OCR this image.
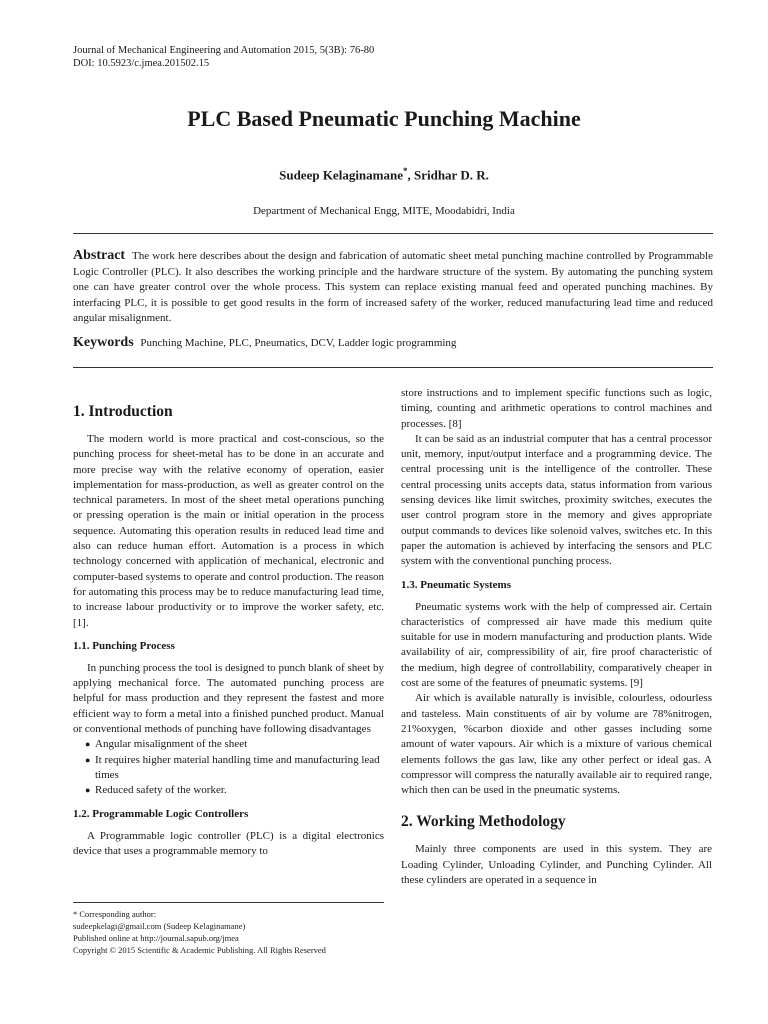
Journal of Mechanical Engineering and Automation 2015, 5(3B): 76-80
DOI: 10.5923/c.jmea.201502.15
PLC Based Pneumatic Punching Machine
Sudeep Kelaginamane*, Sridhar D. R.
Department of Mechanical Engg, MITE, Moodabidri, India
Abstract The work here describes about the design and fabrication of automatic sheet metal punching machine controlled by Programmable Logic Controller (PLC). It also describes the working principle and the hardware structure of the system. By automating the punching system one can have greater control over the whole process. This system can replace existing manual feed and operated punching machines. By interfacing PLC, it is possible to get good results in the form of increased safety of the worker, reduced manufacturing lead time and reduced angular misalignment.
Keywords Punching Machine, PLC, Pneumatics, DCV, Ladder logic programming
1. Introduction

The modern world is more practical and cost-conscious, so the punching process for sheet-metal has to be done in an accurate and more precise way with the relative economy of operation, easier implementation for mass-production, as well as greater control on the technical parameters. In most of the sheet metal operations punching or pressing operation is the main or initial operation in the process sequence. Automating this operation results in reduced lead time and also can reduce human effort. Automation is a process in which technology concerned with application of mechanical, electronic and computer-based systems to operate and control production. The reason for automating this process may be to reduce manufacturing lead time, to increase labour productivity or to improve the worker safety, etc. [1].

1.1. Punching Process

In punching process the tool is designed to punch blank of sheet by applying mechanical force. The automated punching process are helpful for mass production and they represent the fastest and more efficient way to form a metal into a finished punched product. Manual or conventional methods of punching have following disadvantages

● Angular misalignment of the sheet
● It requires higher material handling time and manufacturing lead times
● Reduced safety of the worker.
1.2. Programmable Logic Controllers

A Programmable logic controller (PLC) is a digital electronics device that uses a programmable memory to

store instructions and to implement specific functions such as logic, timing, counting and arithmetic operations to control machines and processes. [8]

It can be said as an industrial computer that has a central processor unit, memory, input/output interface and a programming device. The central processing unit is the intelligence of the controller. These central processing units accepts data, status information from various sensing devices like limit switches, proximity switches, executes the user control program store in the memory and gives appropriate output commands to devices like solenoid valves, switches etc. In this paper the automation is achieved by interfacing the sensors and PLC system with the conventional punching process.

1.3. Pneumatic Systems

Pneumatic systems work with the help of compressed air. Certain characteristics of compressed air have made this medium quite suitable for use in modern manufacturing and production plants. Wide availability of air, compressibility of air, fire proof characteristic of the medium, high degree of controllability, comparatively cheaper in cost are some of the features of pneumatic systems. [9]

Air which is available naturally is invisible, colourless, odourless and tasteless. Main constituents of air by volume are 78%nitrogen, 21%oxygen, %carbon dioxide and other gasses including some amount of water vapours. Air which is a mixture of various chemical elements follows the gas law, like any other perfect or ideal gas. A compressor will compress the naturally available air to required range, which then can be used in the pneumatic systems.

2. Working Methodology

Mainly three components are used in this system. They are Loading Cylinder, Unloading Cylinder, and Punching Cylinder. All these cylinders are operated in a sequence in

* Corresponding author:
sudeepkelagi@gmail.com (Sudeep Kelaginamane)
Published online at http://journal.sapub.org/jmea
Copyright © 2015 Scientific & Academic Publishing. All Rights Reserved
